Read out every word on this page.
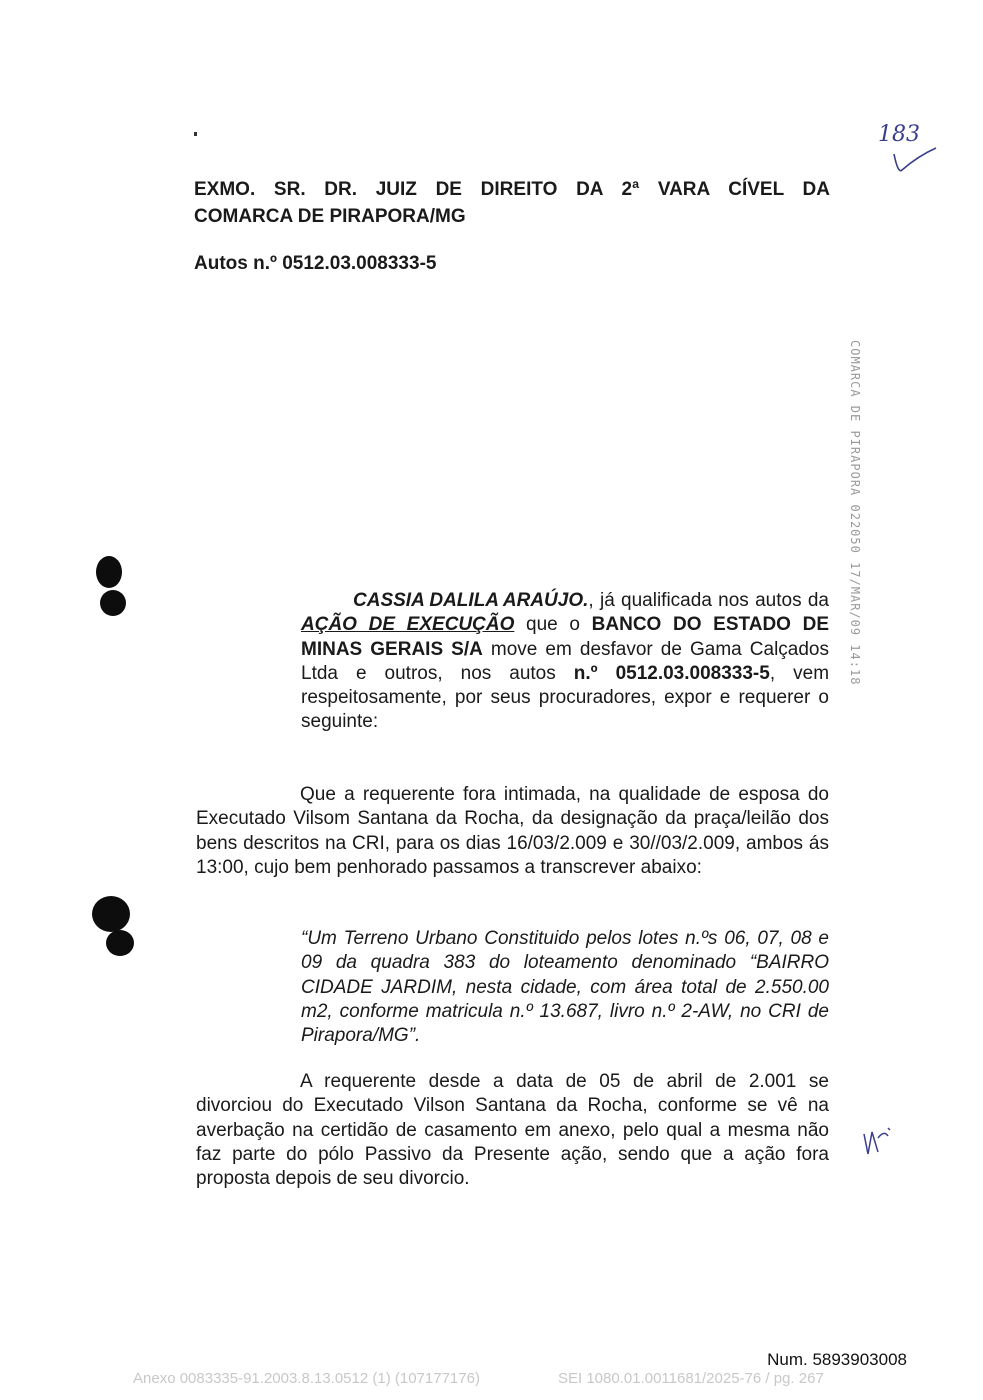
183
COMARCA DE PIRAPORA 022050 17/MAR/09 14:18
EXMO. SR. DR. JUIZ DE DIREITO DA 2ª VARA CÍVEL DA
COMARCA DE PIRAPORA/MG
Autos n.º 0512.03.008333-5
CASSIA DALILA ARAÚJO., já qualificada nos autos da AÇÃO DE EXECUÇÃO que o BANCO DO ESTADO DE MINAS GERAIS S/A move em desfavor de Gama Calçados Ltda e outros, nos autos n.º 0512.03.008333-5, vem respeitosamente, por seus procuradores, expor e requerer o seguinte:
Que a requerente fora intimada, na qualidade de esposa do Executado Vilsom Santana da Rocha, da designação da praça/leilão dos bens descritos na CRI, para os dias 16/03/2.009 e 30//03/2.009, ambos ás 13:00, cujo bem penhorado passamos a transcrever abaixo:
“Um Terreno Urbano Constituido pelos lotes n.ºs 06, 07, 08 e 09 da quadra 383 do loteamento denominado “BAIRRO CIDADE JARDIM, nesta cidade, com área total de 2.550.00 m2, conforme matricula n.º 13.687, livro n.º 2-AW, no CRI de Pirapora/MG”.
A requerente desde a data de 05 de abril de 2.001 se divorciou do Executado Vilson Santana da Rocha, conforme se vê na averbação na certidão de casamento em anexo, pelo qual a mesma não faz parte do pólo Passivo da Presente ação, sendo que a ação fora proposta depois de seu divorcio.
Num. 5893903008
Anexo 0083335-91.2003.8.13.0512 (1) (107177176)	SEI 1080.01.0011681/2025-76 / pg. 267
